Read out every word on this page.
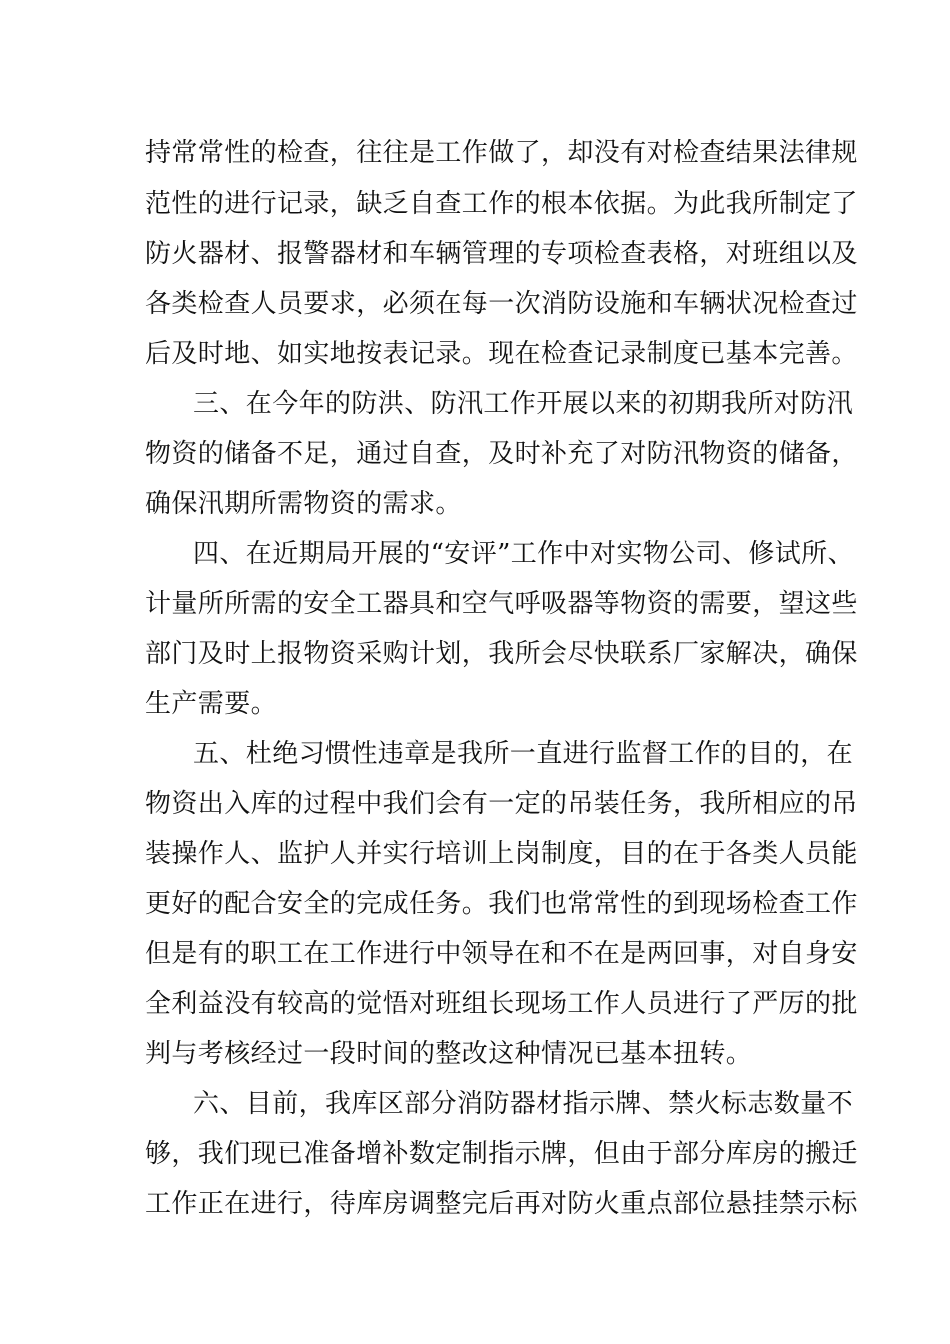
持常常性的检查，往往是工作做了，却没有对检查结果法律规
范性的进行记录，缺乏自查工作的根本依据。为此我所制定了
防火器材、报警器材和车辆管理的专项检查表格，对班组以及
各类检查人员要求，必须在每一次消防设施和车辆状况检查过
后及时地、如实地按表记录。现在检查记录制度已基本完善。
三、在今年的防洪、防汛工作开展以来的初期我所对防汛
物资的储备不足，通过自查，及时补充了对防汛物资的储备，
确保汛期所需物资的需求。
四、在近期局开展的“安评”工作中对实物公司、修试所、
计量所所需的安全工器具和空气呼吸器等物资的需要，望这些
部门及时上报物资采购计划，我所会尽快联系厂家解决，确保
生产需要。
五、杜绝习惯性违章是我所一直进行监督工作的目的，在
物资出入库的过程中我们会有一定的吊装任务，我所相应的吊
装操作人、监护人并实行培训上岗制度，目的在于各类人员能
更好的配合安全的完成任务。我们也常常性的到现场检查工作
但是有的职工在工作进行中领导在和不在是两回事，对自身安
全利益没有较高的觉悟对班组长现场工作人员进行了严厉的批
判与考核经过一段时间的整改这种情况已基本扭转。
六、目前，我库区部分消防器材指示牌、禁火标志数量不
够，我们现已准备增补数定制指示牌，但由于部分库房的搬迁
工作正在进行，待库房调整完后再对防火重点部位悬挂禁示标
